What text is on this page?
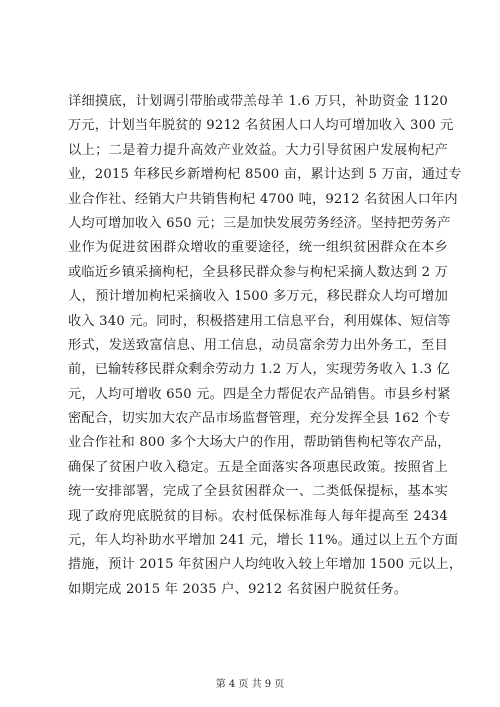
详细摸底，计划调引带胎或带羔母羊 1.6 万只，补助资金 1120
万元，计划当年脱贫的 9212 名贫困人口人均可增加收入 300 元
以上；二是着力提升高效产业效益。大力引导贫困户发展枸杞产
业，2015 年移民乡新增枸杞 8500 亩，累计达到 5 万亩，通过专
业合作社、经销大户共销售枸杞 4700 吨，9212 名贫困人口年内
人均可增加收入 650 元；三是加快发展劳务经济。坚持把劳务产
业作为促进贫困群众增收的重要途径，统一组织贫困群众在本乡
或临近乡镇采摘枸杞，全县移民群众参与枸杞采摘人数达到 2 万
人，预计增加枸杞采摘收入 1500 多万元，移民群众人均可增加
收入 340 元。同时，积极搭建用工信息平台，利用媒体、短信等
形式，发送致富信息、用工信息，动员富余劳力出外务工，至目
前，已输转移民群众剩余劳动力 1.2 万人，实现劳务收入 1.3 亿
元，人均可增收 650 元。四是全力帮促农产品销售。市县乡村紧
密配合，切实加大农产品市场监督管理，充分发挥全县 162 个专
业合作社和 800 多个大场大户的作用，帮助销售枸杞等农产品，
确保了贫困户收入稳定。五是全面落实各项惠民政策。按照省上
统一安排部署，完成了全县贫困群众一、二类低保提标，基本实
现了政府兜底脱贫的目标。农村低保标准每人每年提高至 2434
元，年人均补助水平增加 241 元，增长 11%。通过以上五个方面
措施，预计 2015 年贫困户人均纯收入较上年增加 1500 元以上，
如期完成 2015 年 2035 户、9212 名贫困户脱贫任务。
第 4 页 共 9 页
